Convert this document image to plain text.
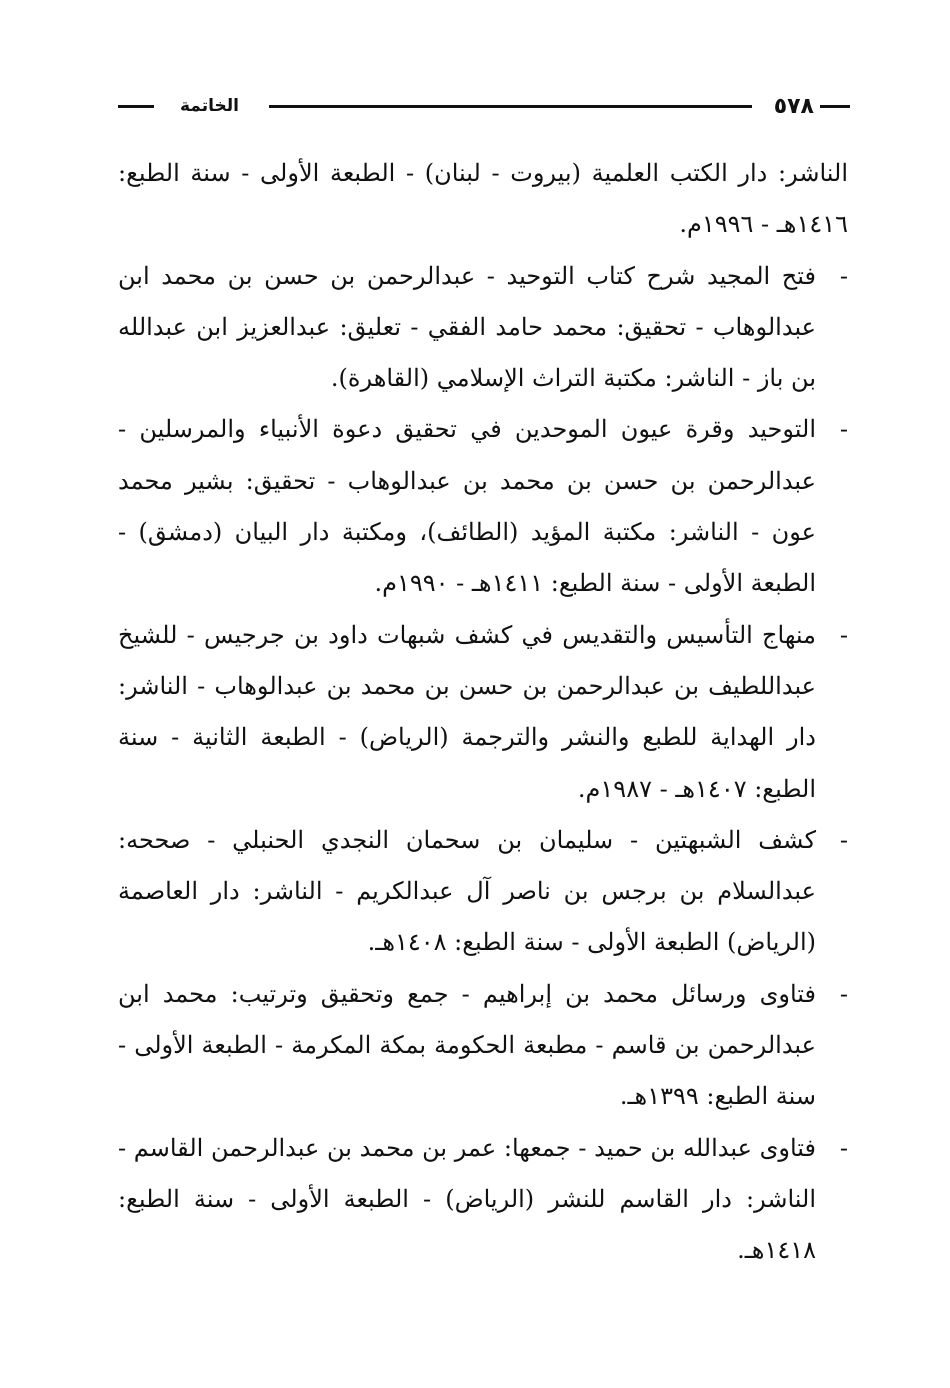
٥٧٨
الخاتمة

الناشر: دار الكتب العلمية (بيروت - لبنان) - الطبعة الأولى - سنة الطبع: ١٤١٦هـ - ١٩٩٦م.

-فتح المجيد شرح كتاب التوحيد - عبدالرحمن بن حسن بن محمد ابن عبدالوهاب - تحقيق: محمد حامد الفقي - تعليق: عبدالعزيز ابن عبدالله بن باز - الناشر: مكتبة التراث الإسلامي (القاهرة).

-التوحيد وقرة عيون الموحدين في تحقيق دعوة الأنبياء والمرسلين - عبدالرحمن بن حسن بن محمد بن عبدالوهاب - تحقيق: بشير محمد عون - الناشر: مكتبة المؤيد (الطائف)، ومكتبة دار البيان (دمشق) - الطبعة الأولى - سنة الطبع: ١٤١١هـ - ١٩٩٠م.

-منهاج التأسيس والتقديس في كشف شبهات داود بن جرجيس - للشيخ عبداللطيف بن عبدالرحمن بن حسن بن محمد بن عبدالوهاب - الناشر: دار الهداية للطبع والنشر والترجمة (الرياض) - الطبعة الثانية - سنة الطبع: ١٤٠٧هـ - ١٩٨٧م.

-كشف الشبهتين - سليمان بن سحمان النجدي الحنبلي - صححه: عبدالسلام بن برجس بن ناصر آل عبدالكريم - الناشر: دار العاصمة (الرياض) الطبعة الأولى - سنة الطبع: ١٤٠٨هـ.

-فتاوى ورسائل محمد بن إبراهيم - جمع وتحقيق وترتيب: محمد ابن عبدالرحمن بن قاسم - مطبعة الحكومة بمكة المكرمة - الطبعة الأولى - سنة الطبع: ١٣٩٩هـ.

-فتاوى عبدالله بن حميد - جمعها: عمر بن محمد بن عبدالرحمن القاسم - الناشر: دار القاسم للنشر (الرياض) - الطبعة الأولى - سنة الطبع: ١٤١٨هـ.
